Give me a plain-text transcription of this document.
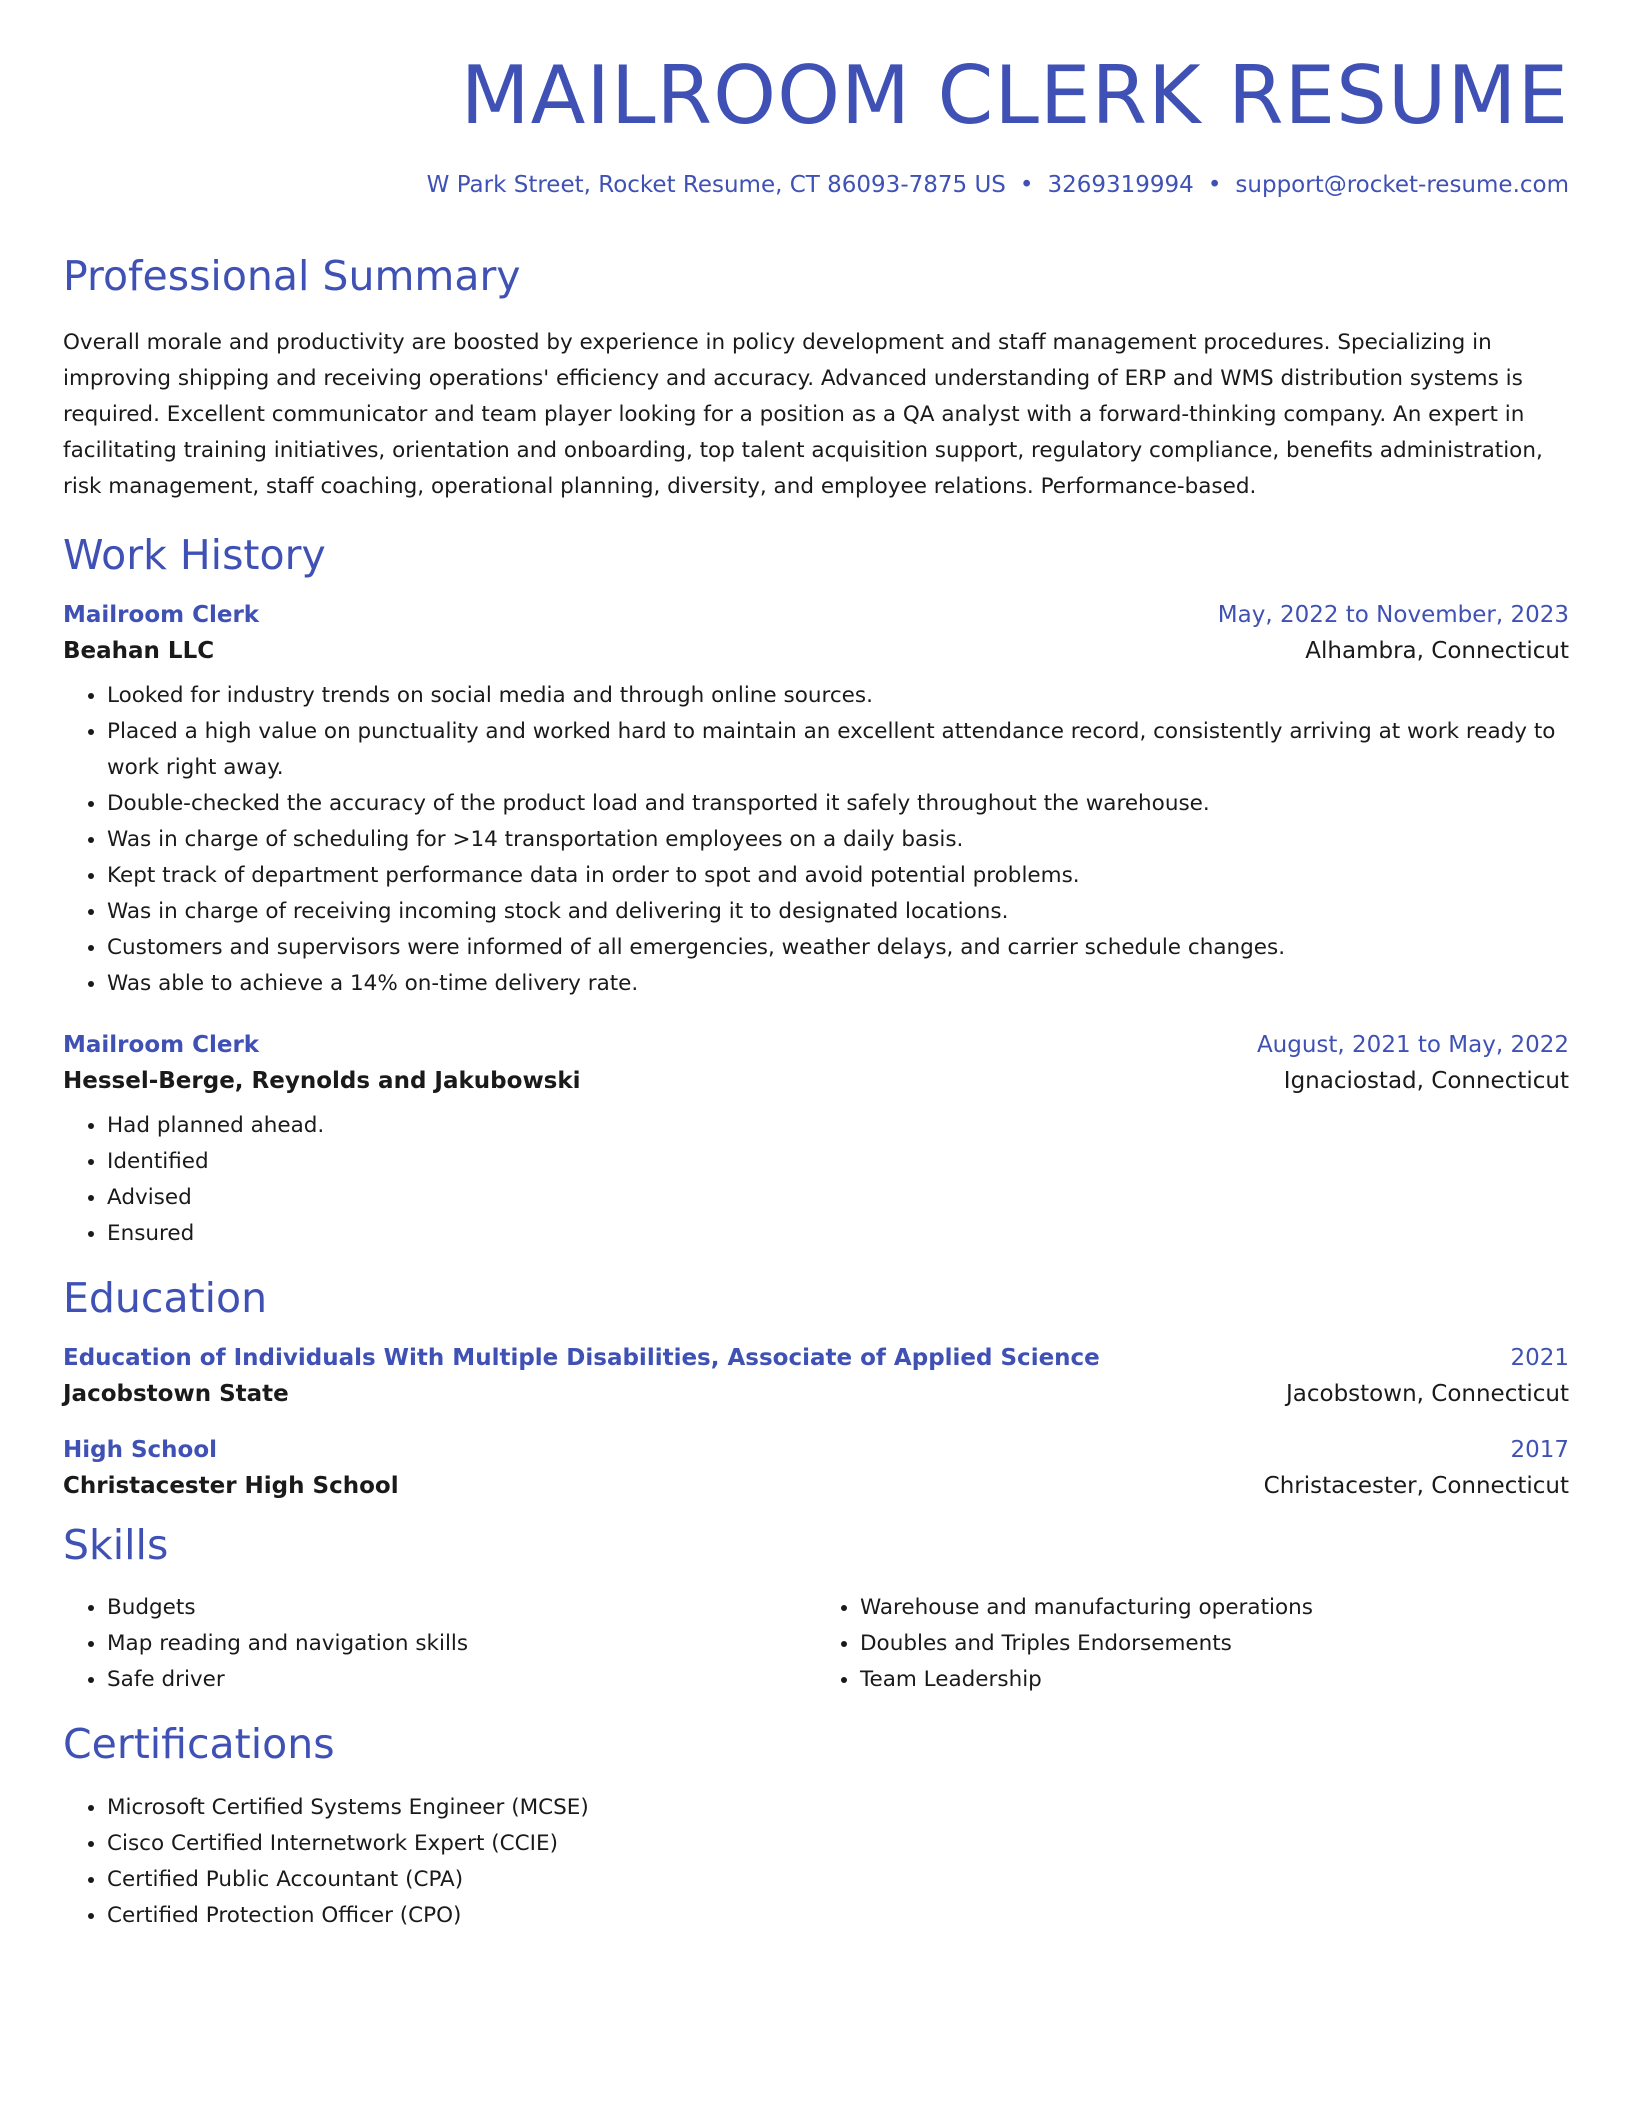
MAILROOM CLERK RESUME
W Park Street, Rocket Resume, CT 86093-7875 US • 3269319994 • support@rocket-resume.com
Professional Summary

Overall morale and productivity are boosted by experience in policy development and staff management procedures. Specializing in improving shipping and receiving operations' efficiency and accuracy. Advanced understanding of ERP and WMS distribution systems is required. Excellent communicator and team player looking for a position as a QA analyst with a forward-thinking company. An expert in facilitating training initiatives, orientation and onboarding, top talent acquisition support, regulatory compliance, benefits administration, risk management, staff coaching, operational planning, diversity, and employee relations. Performance-based.

Work History
Mailroom Clerk	May, 2022 to November, 2023
Beahan LLC	Alhambra, Connecticut
• Looked for industry trends on social media and through online sources.
• Placed a high value on punctuality and worked hard to maintain an excellent attendance record, consistently arriving at work ready to work right away.
• Double-checked the accuracy of the product load and transported it safely throughout the warehouse.
• Was in charge of scheduling for >14 transportation employees on a daily basis.
• Kept track of department performance data in order to spot and avoid potential problems.
• Was in charge of receiving incoming stock and delivering it to designated locations.
• Customers and supervisors were informed of all emergencies, weather delays, and carrier schedule changes.
• Was able to achieve a 14% on-time delivery rate.
Mailroom Clerk	August, 2021 to May, 2022
Hessel-Berge, Reynolds and Jakubowski	Ignaciostad, Connecticut
• Had planned ahead.
• Identified
• Advised
• Ensured
Education
Education of Individuals With Multiple Disabilities, Associate of Applied Science	2021
Jacobstown State	Jacobstown, Connecticut
High School	2017
Christacester High School	Christacester, Connecticut
Skills
• Budgets
• Map reading and navigation skills
• Safe driver
• Warehouse and manufacturing operations
• Doubles and Triples Endorsements
• Team Leadership
Certifications
• Microsoft Certified Systems Engineer (MCSE)
• Cisco Certified Internetwork Expert (CCIE)
• Certified Public Accountant (CPA)
• Certified Protection Officer (CPO)
